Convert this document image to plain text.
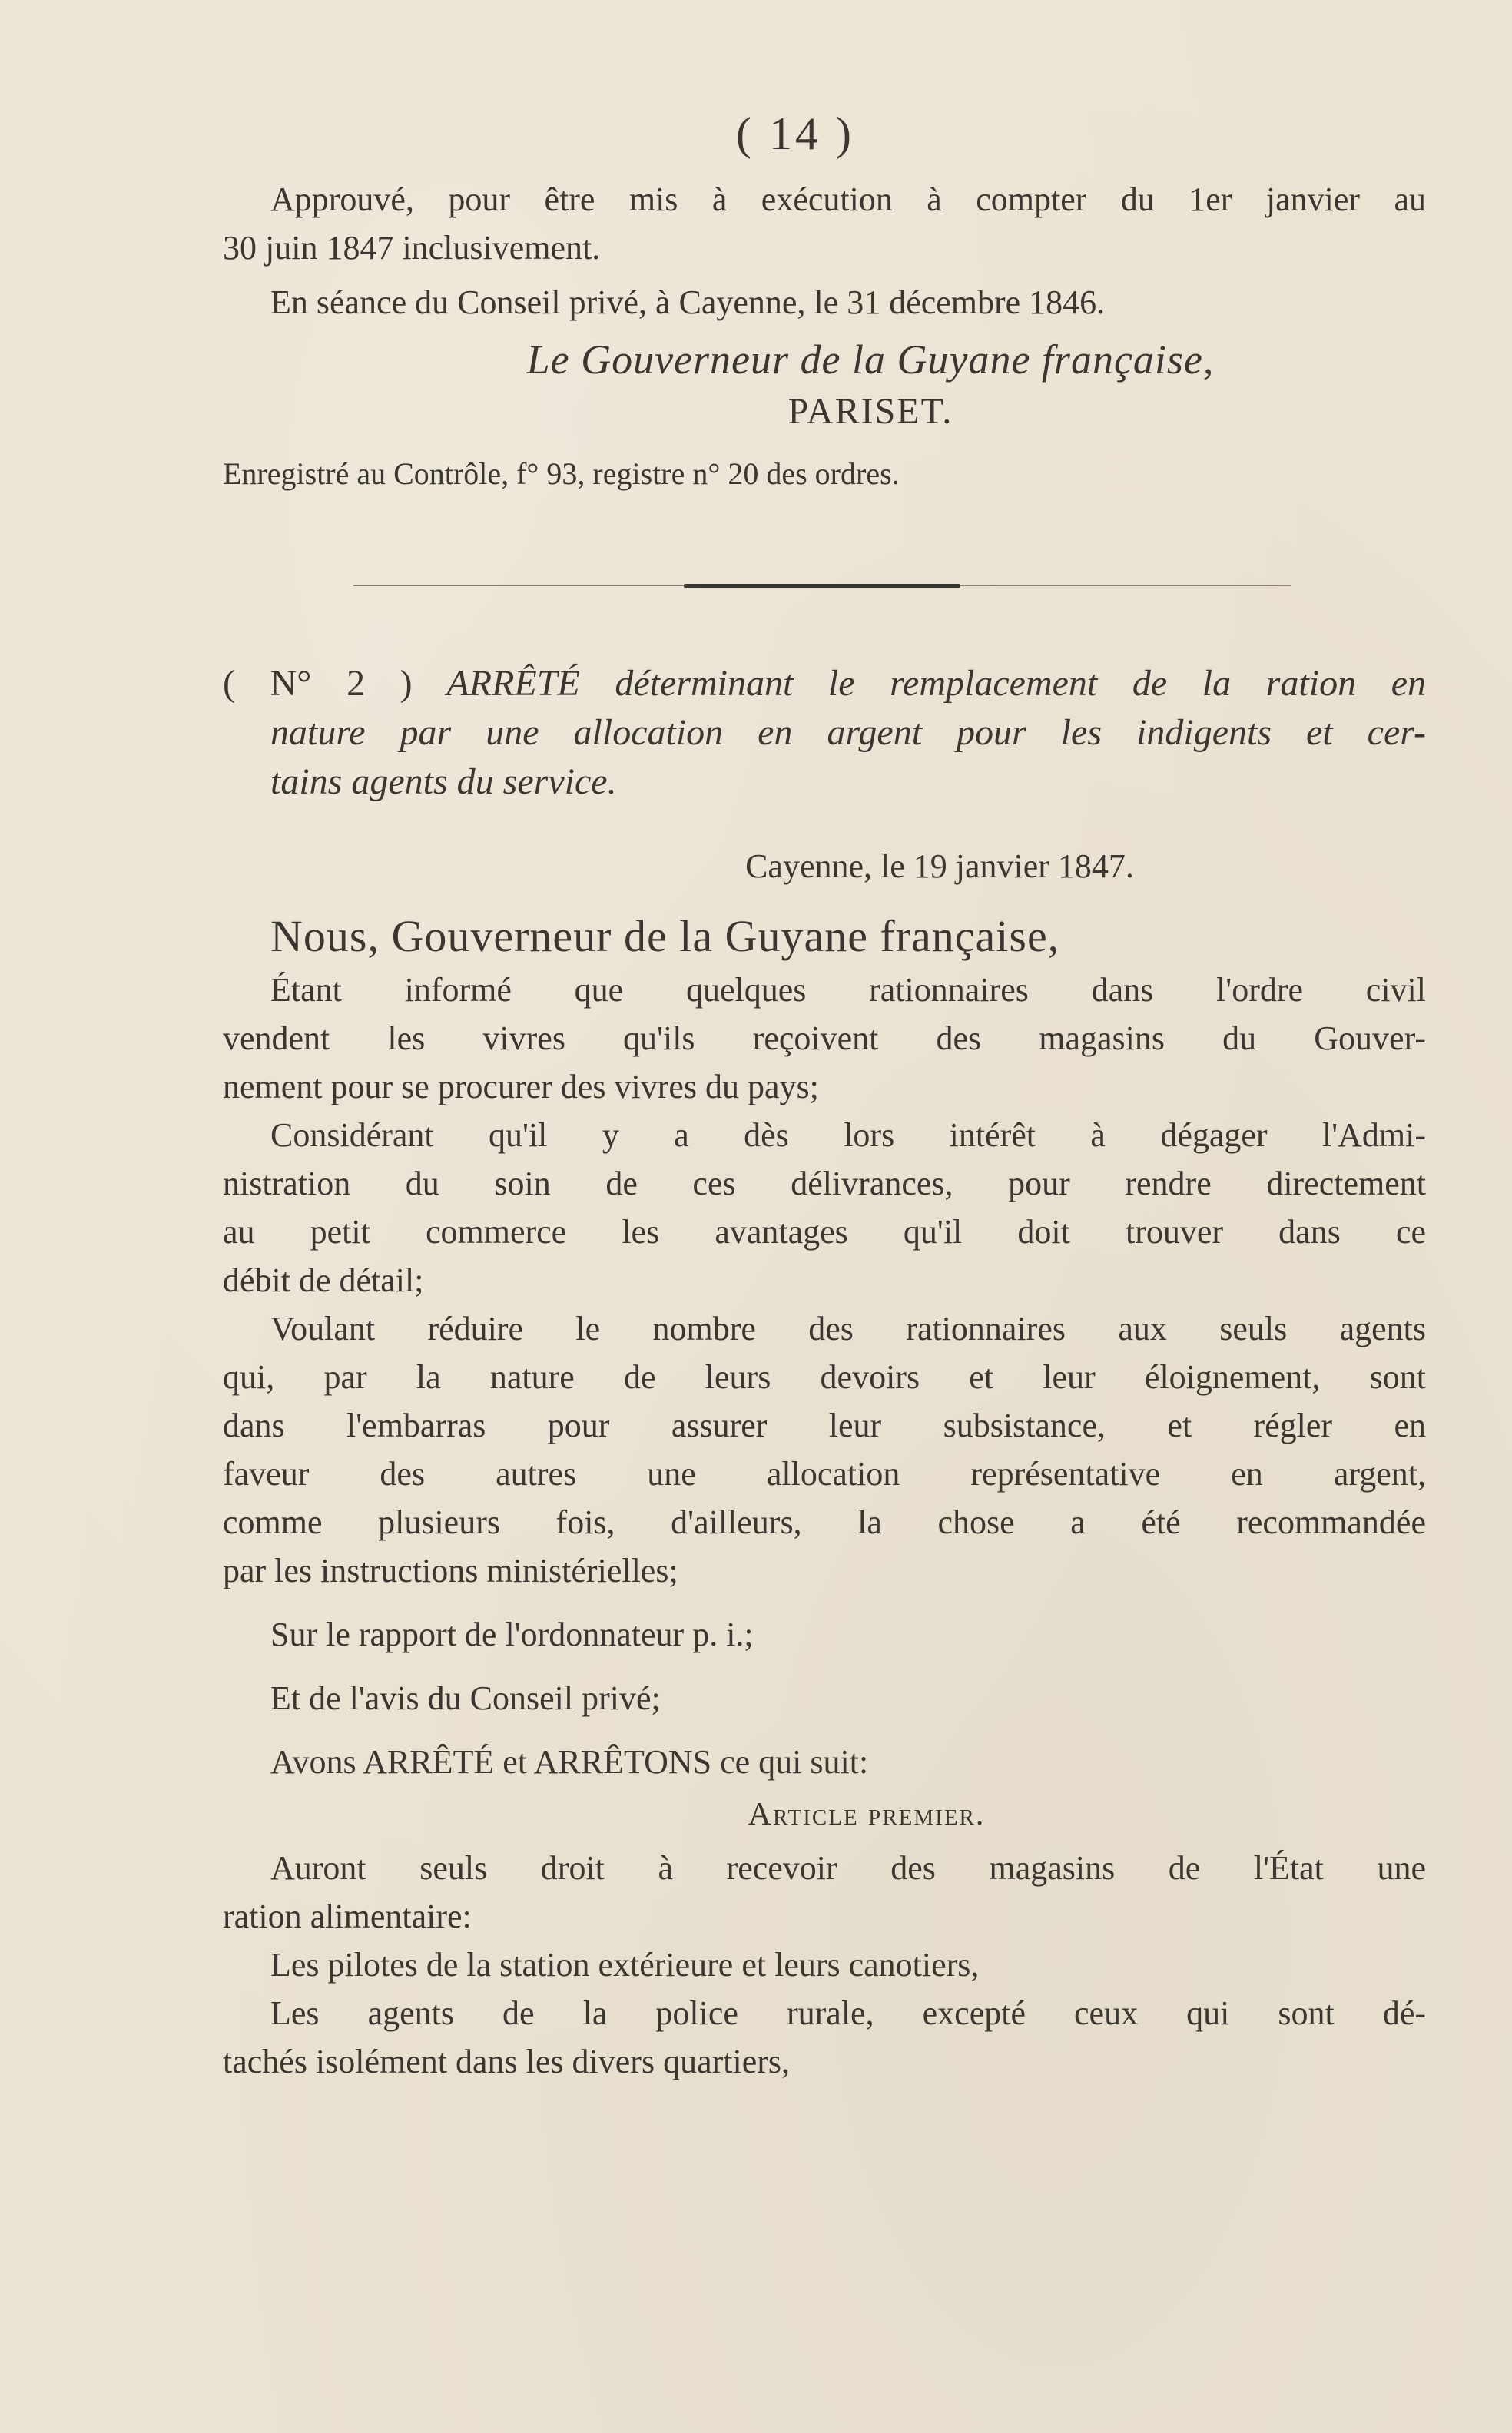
( 14 )

Approuvé, pour être mis à exécution à compter du 1er janvier au

30 juin 1847 inclusivement.

En séance du Conseil privé, à Cayenne, le 31 décembre 1846.

Le Gouverneur de la Guyane française,

PARISET.

Enregistré au Contrôle, f° 93, registre n° 20 des ordres.

( N° 2 ) ARRÊTÉ déterminant le remplacement de la ration en

nature par une allocation en argent pour les indigents et cer-

tains agents du service.

Cayenne, le 19 janvier 1847.

Nous, Gouverneur de la Guyane française,

Étant informé que quelques rationnaires dans l'ordre civil

vendent les vivres qu'ils reçoivent des magasins du Gouver-

nement pour se procurer des vivres du pays;

Considérant qu'il y a dès lors intérêt à dégager l'Admi-

nistration du soin de ces délivrances, pour rendre directement

au petit commerce les avantages qu'il doit trouver dans ce

débit de détail;

Voulant réduire le nombre des rationnaires aux seuls agents

qui, par la nature de leurs devoirs et leur éloignement, sont

dans l'embarras pour assurer leur subsistance, et régler en

faveur des autres une allocation représentative en argent,

comme plusieurs fois, d'ailleurs, la chose a été recommandée

par les instructions ministérielles;

Sur le rapport de l'ordonnateur p. i.;

Et de l'avis du Conseil privé;

Avons ARRÊTÉ et ARRÊTONS ce qui suit:

Article premier.

Auront seuls droit à recevoir des magasins de l'État une

ration alimentaire:

Les pilotes de la station extérieure et leurs canotiers,

Les agents de la police rurale, excepté ceux qui sont dé-

tachés isolément dans les divers quartiers,
